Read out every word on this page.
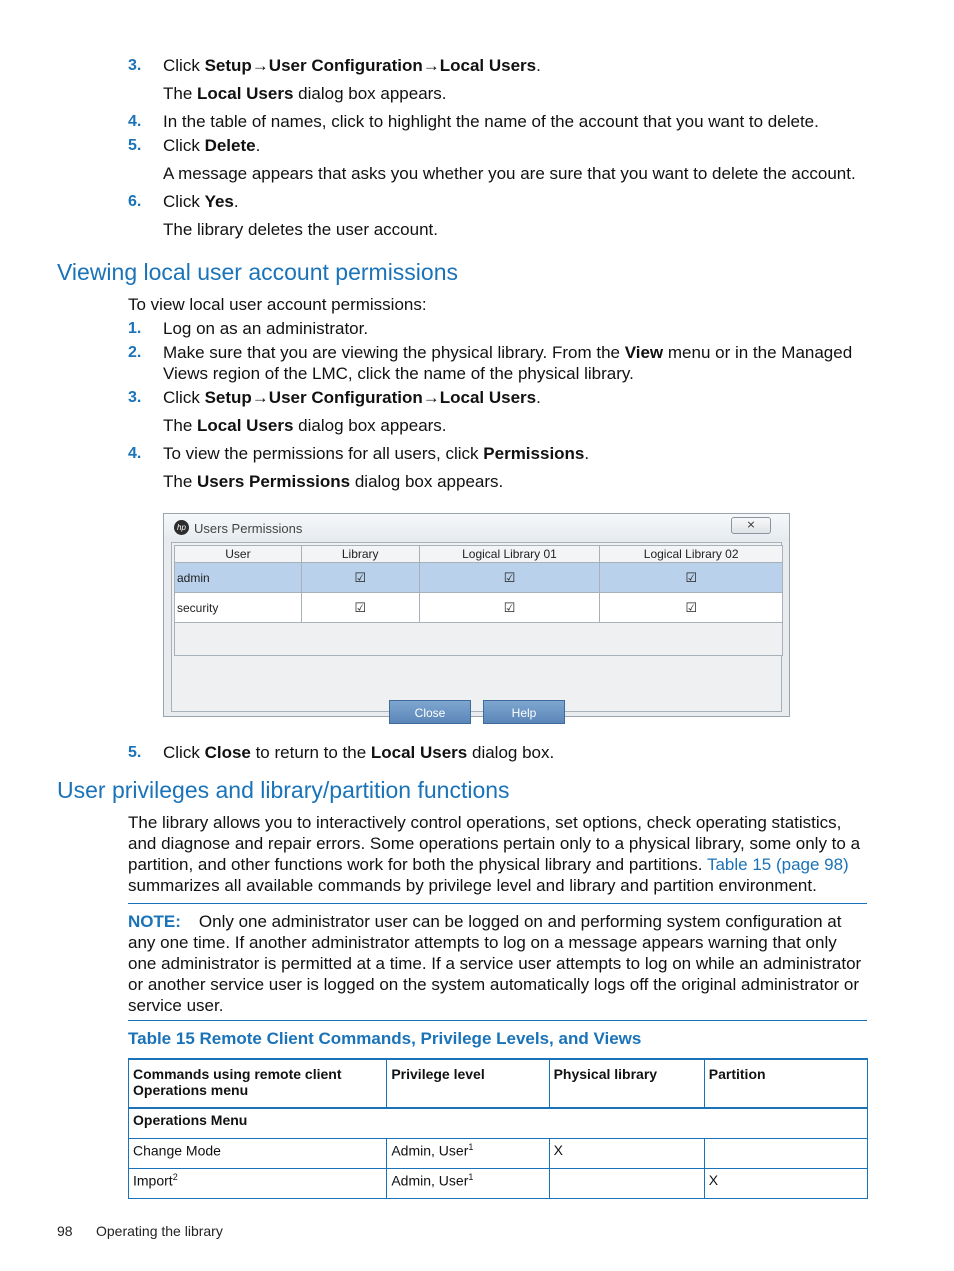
3. Click Setup→User Configuration→Local Users.
The Local Users dialog box appears.
4. In the table of names, click to highlight the name of the account that you want to delete.
5. Click Delete.
A message appears that asks you whether you are sure that you want to delete the account.
6. Click Yes.
The library deletes the user account.
Viewing local user account permissions
To view local user account permissions:
1. Log on as an administrator.
2. Make sure that you are viewing the physical library. From the View menu or in the Managed Views region of the LMC, click the name of the physical library.
3. Click Setup→User Configuration→Local Users.
The Local Users dialog box appears.
4. To view the permissions for all users, click Permissions.
The Users Permissions dialog box appears.
hp Users Permissions	⨯
User	Library	Logical Library 01	Logical Library 02
admin	☑	☑	☑
security	☑	☑	☑

Close	Help
5. Click Close to return to the Local Users dialog box.
User privileges and library/partition functions
The library allows you to interactively control operations, set options, check operating statistics, and diagnose and repair errors. Some operations pertain only to a physical library, some only to a partition, and other functions work for both the physical library and partitions. Table 15 (page 98) summarizes all available commands by privilege level and library and partition environment.
NOTE: Only one administrator user can be logged on and performing system configuration at any one time. If another administrator attempts to log on a message appears warning that only one administrator is permitted at a time. If a service user attempts to log on while an administrator or another service user is logged on the system automatically logs off the original administrator or service user.
Table 15 Remote Client Commands, Privilege Levels, and Views
Commands using remote client Operations menu	Privilege level	Physical library	Partition
Operations Menu			
Change Mode	Admin, User$^1$	X	
Import$^2$	Admin, User$^1$		X
98 Operating the library
